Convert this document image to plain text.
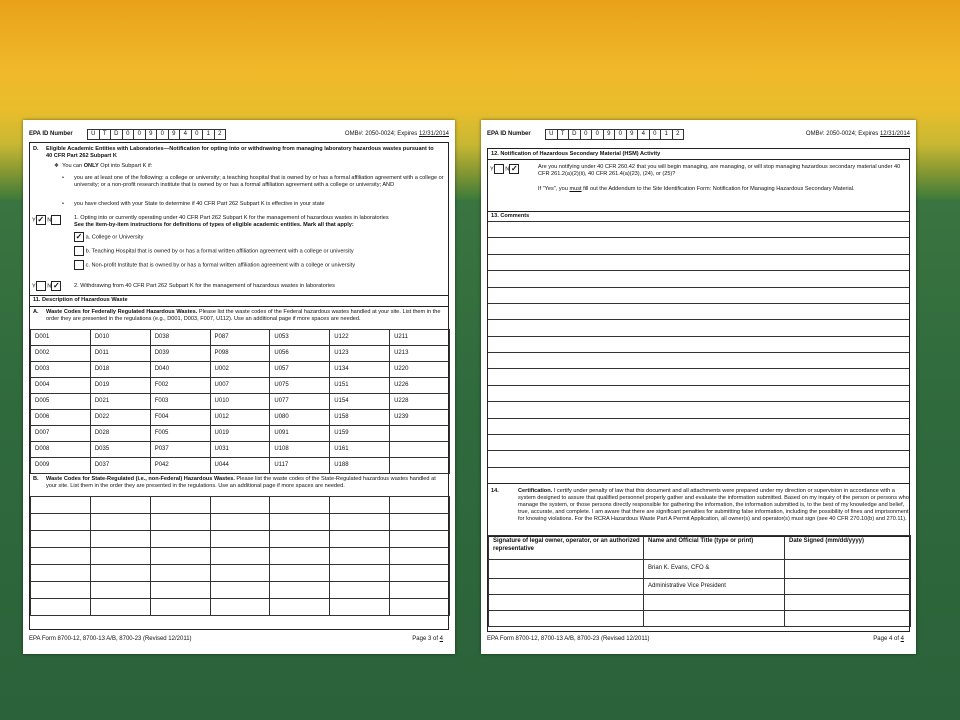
EPA ID Number	U	T	D	0	0	9	0	9	4	0	1	2	OMB#: 2050-0024; Expires 12/31/2014
D. Eligible Academic Entities with Laboratories—Notification for opting into or withdrawing from managing laboratory hazardous wastes pursuant to 40 CFR Part 262 Subpart K
❖  You can ONLY Opt into Subpart K if:
• you are at least one of the following: a college or university; a teaching hospital that is owned by or has a formal affiliation agreement with a college or university; or a non-profit research institute that is owned by or has a formal affiliation agreement with a college or university; AND
• you have checked with your State to determine if 40 CFR Part 262 Subpart K is effective in your state
Y ✓ N	1. Opting into or currently operating under 40 CFR Part 262 Subpart K for the management of hazardous wastes in laboratories
See the item-by-item instructions for definitions of types of eligible academic entities. Mark all that apply:
✓ a. College or University
b. Teaching Hospital that is owned by or has a formal written affiliation agreement with a college or university
c. Non-profit Institute that is owned by or has a formal written affiliation agreement with a college or university
Y N ✓	2. Withdrawing from 40 CFR Part 262 Subpart K for the management of hazardous wastes in laboratories
11. Description of Hazardous Waste
A. Waste Codes for Federally Regulated Hazardous Wastes. Please list the waste codes of the Federal hazardous wastes handled at your site. List them in the order they are presented in the regulations (e.g., D001, D003, F007, U112). Use an additional page if more spaces are needed.
D001	D010	D038	P087	U053	U122	U211
D002	D011	D039	P098	U056	U123	U213
D003	D018	D040	U002	U057	U134	U220
D004	D019	F002	U007	U075	U151	U226
D005	D021	F003	U010	U077	U154	U228
D006	D022	F004	U012	U080	U158	U239
D007	D028	F005	U019	U091	U159	
D008	D035	P037	U031	U108	U161	
D009	D037	P042	U044	U117	U188	
B. Waste Codes for State-Regulated (i.e., non-Federal) Hazardous Wastes. Please list the waste codes of the State-Regulated hazardous wastes handled at your site. List them in the order they are presented in the regulations. Use an additional page if more spaces are needed.

EPA Form 8700-12, 8700-13 A/B, 8700-23 (Revised 12/2011)	Page 3 of 4
EPA ID Number	U	T	D	0	0	9	0	9	4	0	1	2	OMB#: 2050-0024; Expires 12/31/2014
12. Notification of Hazardous Secondary Material (HSM) Activity
Y N ✓	Are you notifying under 40 CFR 260.42 that you will begin managing, are managing, or will stop managing hazardous secondary material under 40 CFR 261.2(a)(2)(ii), 40 CFR 261.4(a)(23), (24), or (25)?
If "Yes", you must fill out the Addendum to the Site Identification Form: Notification for Managing Hazardous Secondary Material.
13. Comments
14.	Certification. I certify under penalty of law that this document and all attachments were prepared under my direction or supervision in accordance with a system designed to assure that qualified personnel properly gather and evaluate the information submitted. Based on my inquiry of the person or persons who manage the system, or those persons directly responsible for gathering the information, the information submitted is, to the best of my knowledge and belief, true, accurate, and complete. I am aware that there are significant penalties for submitting false information, including the possibility of fines and imprisonment for knowing violations. For the RCRA Hazardous Waste Part A Permit Application, all owner(s) and operator(s) must sign (see 40 CFR 270.10(b) and 270.11).
Signature of legal owner, operator, or an authorized representative	Name and Official Title (type or print)	Date Signed (mm/dd/yyyy)
	Brian K. Evans, CFO &	
	Administrative Vice President	

EPA Form 8700-12, 8700-13 A/B, 8700-23 (Revised 12/2011)	Page 4 of 4
